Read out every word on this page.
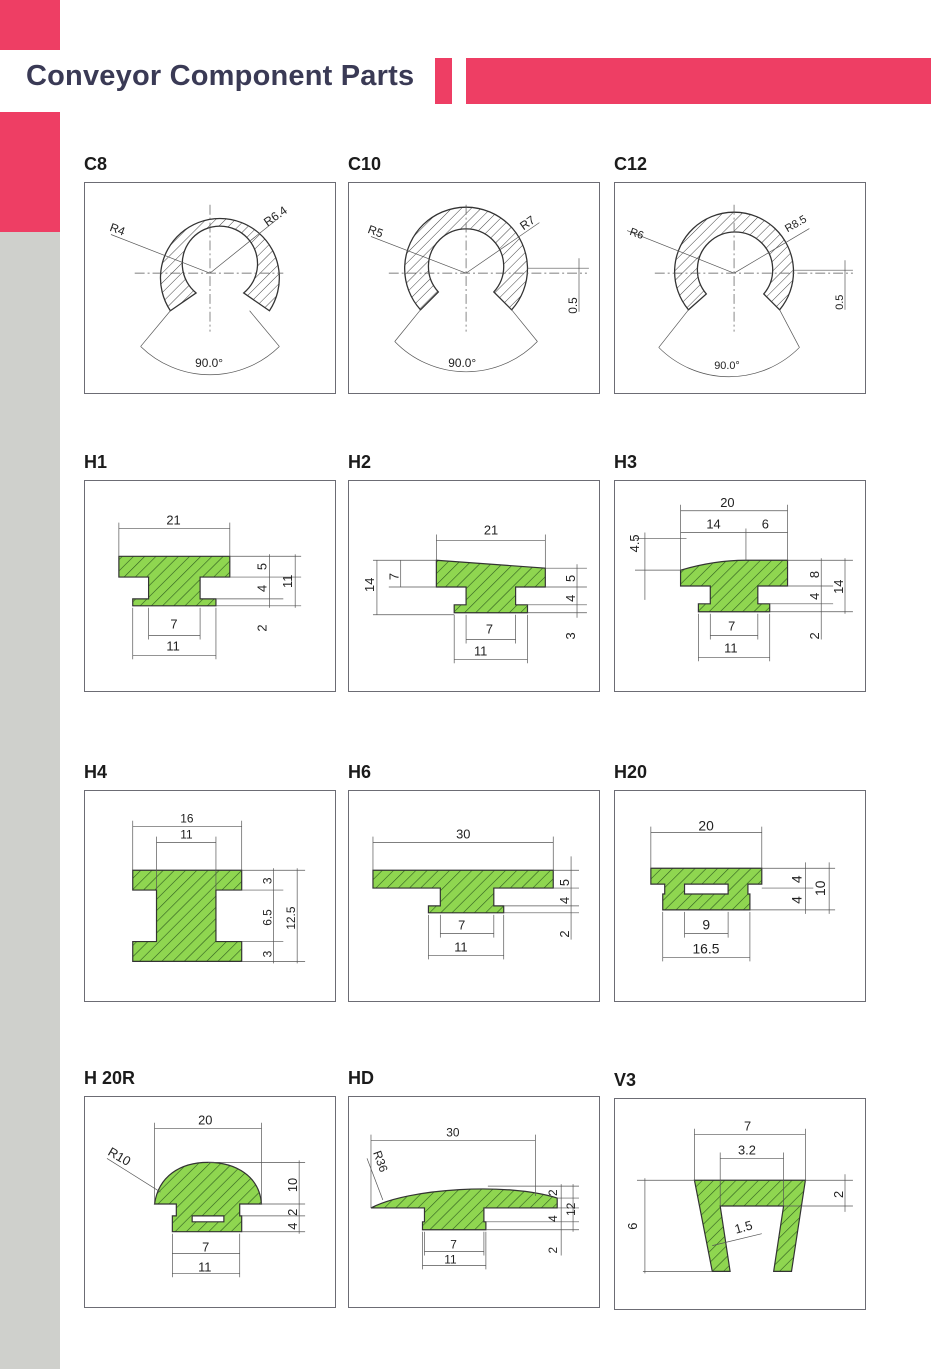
Conveyor Component Parts
C8
R4
R6.4
90.0°
C10
R5	R7
0.5
90.0°
C12
R6	R8.5
0.5
90.0°
H1
21
5
4
11
2
7
11
H2
21
7
14	5
4
3
7
11
H3
20
14	6
4.5
8
4
14
2
7
11
H4
16
11
3
6.5
3
12.5
H6
30
5
4
2
7
11
H20
20
4
4
10
9
16.5
H 20R
20
R10
10
4
2
7
11
HD
30
R36
2
4
12
2
7
11
V3
7
3.2
2
6	1.5
